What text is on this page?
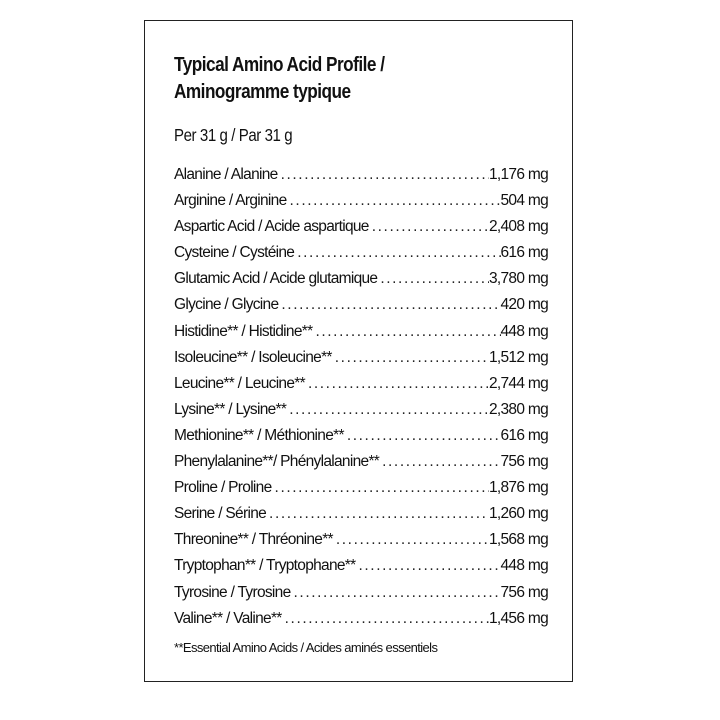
Typical Amino Acid Profile /
Aminogramme typique
Per 31 g / Par 31 g
Alanine / Alanine .....	1,176 mg
Arginine / Arginine .....	504 mg
Aspartic Acid / Acide aspartique .....	2,408 mg
Cysteine / Cystéine .....	616 mg
Glutamic Acid / Acide glutamique .....	3,780 mg
Glycine / Glycine .....	420 mg
Histidine** / Histidine** .....	448 mg
Isoleucine** / Isoleucine** .....	1,512 mg
Leucine** / Leucine** .....	2,744 mg
Lysine** / Lysine** .....	2,380 mg
Methionine** / Méthionine** .....	616 mg
Phenylalanine**/ Phénylalanine** .....	756 mg
Proline / Proline .....	1,876 mg
Serine / Sérine .....	1,260 mg
Threonine** / Thréonine** .....	1,568 mg
Tryptophan** / Tryptophane** .....	448 mg
Tyrosine / Tyrosine .....	756 mg
Valine** / Valine** .....	1,456 mg
**Essential Amino Acids / Acides aminés essentiels
